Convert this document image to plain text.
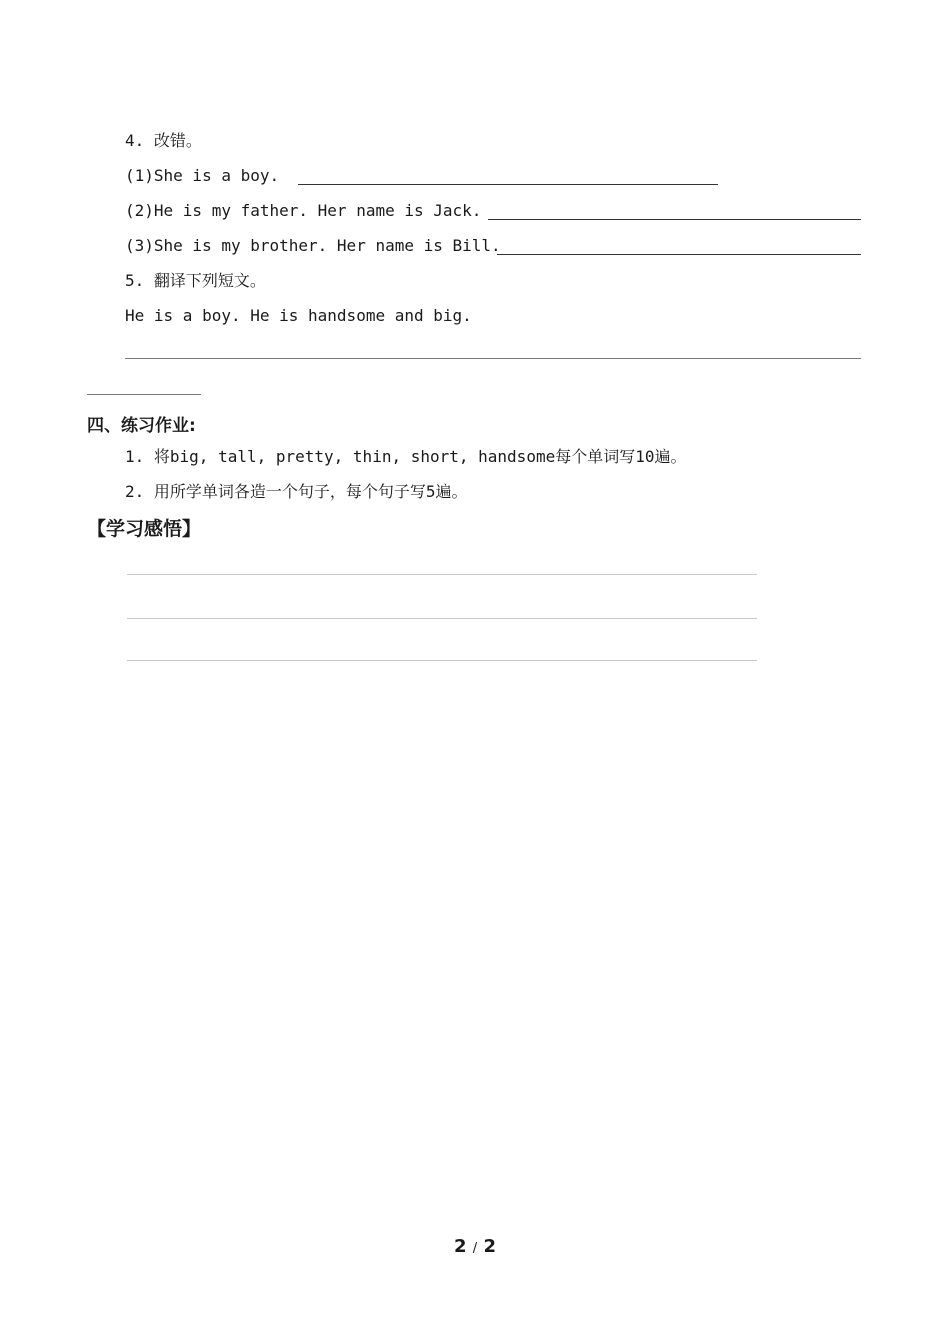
4. 改错。
(1)She is a boy.
(2)He is my father. Her name is Jack.
(3)She is my brother. Her name is Bill.
5. 翻译下列短文。
He is a boy. He is handsome and big.
四、练习作业:
1. 将big, tall, pretty, thin, short, handsome每个单词写10遍。
2. 用所学单词各造一个句子，每个句子写5遍。
【学习感悟】
2 / 2
